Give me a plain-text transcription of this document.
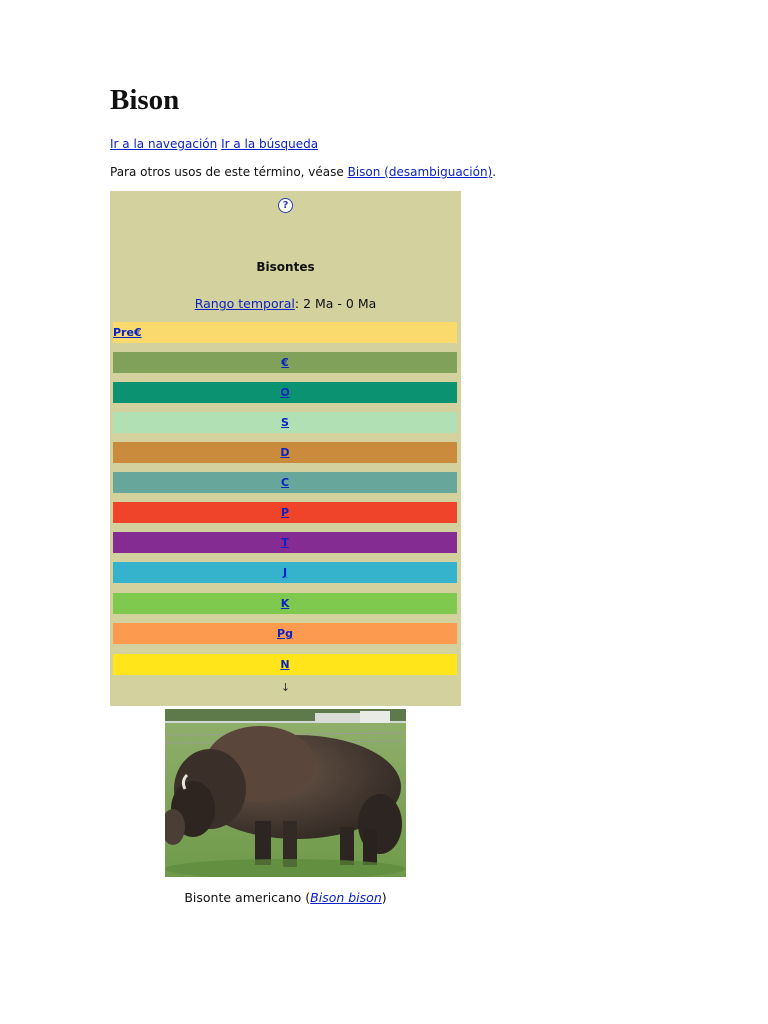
Bison
Ir a la navegación Ir a la búsqueda
Para otros usos de este término, véase Bison (desambiguación).
?
Bisontes
Rango temporal: 2 Ma - 0 Ma
Pre€
€
O
S
D
C
P
T
J
K
Pg
N
↓
Bisonte americano (Bison bison)
